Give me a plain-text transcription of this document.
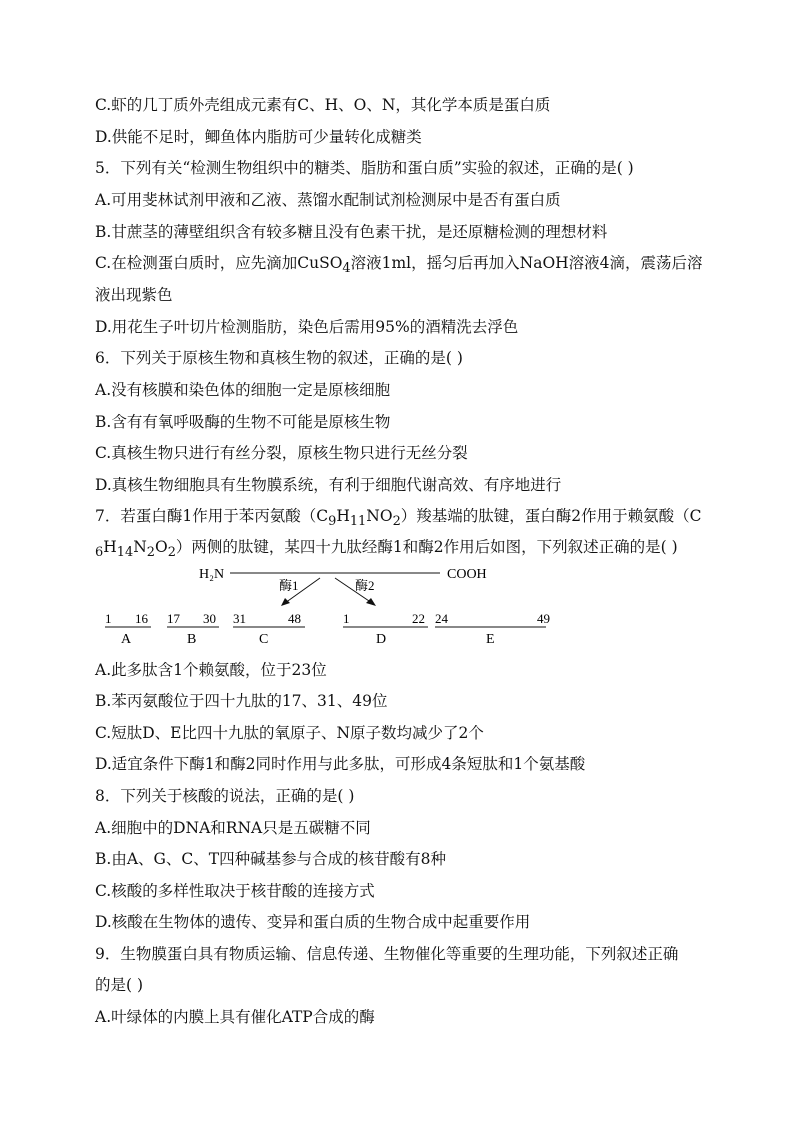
C.虾的几丁质外壳组成元素有C、H、O、N，其化学本质是蛋白质
D.供能不足时，鲫鱼体内脂肪可少量转化成糖类
5．下列有关“检测生物组织中的糖类、脂肪和蛋白质”实验的叙述，正确的是( )
A.可用斐林试剂甲液和乙液、蒸馏水配制试剂检测尿中是否有蛋白质
B.甘蔗茎的薄壁组织含有较多糖且没有色素干扰，是还原糖检测的理想材料
C.在检测蛋白质时，应先滴加CuSO$_4$溶液1ml，摇匀后再加入NaOH溶液4滴，震荡后溶
液出现紫色
D.用花生子叶切片检测脂肪，染色后需用95%的酒精洗去浮色
6．下列关于原核生物和真核生物的叙述，正确的是( )
A.没有核膜和染色体的细胞一定是原核细胞
B.含有有氧呼吸酶的生物不可能是原核生物
C.真核生物只进行有丝分裂，原核生物只进行无丝分裂
D.真核生物细胞具有生物膜系统，有利于细胞代谢高效、有序地进行
7．若蛋白酶1作用于苯丙氨酸$(C_9H_{11}NO_2)$羧基端的肽键，蛋白酶2作用于赖氨酸（C
$_6H_{14}N_2O_2$）两侧的肽键，某四十九肽经酶1和酶2作用后如图，下列叙述正确的是( )
H₂N	COOH
酶1	酶2
1 16
A
17 30
B
31	48
C
1	22
D
24	49
E
A.此多肽含1个赖氨酸，位于23位
B.苯丙氨酸位于四十九肽的17、31、49位
C.短肽D、E比四十九肽的氧原子、N原子数均减少了2个
D.适宜条件下酶1和酶2同时作用与此多肽，可形成4条短肽和1个氨基酸
8．下列关于核酸的说法，正确的是( )
A.细胞中的DNA和RNA只是五碳糖不同
B.由A、G、C、T四种碱基参与合成的核苷酸有8种
C.核酸的多样性取决于核苷酸的连接方式
D.核酸在生物体的遗传、变异和蛋白质的生物合成中起重要作用
9．生物膜蛋白具有物质运输、信息传递、生物催化等重要的生理功能，下列叙述正确
的是( )
A.叶绿体的内膜上具有催化ATP合成的酶
